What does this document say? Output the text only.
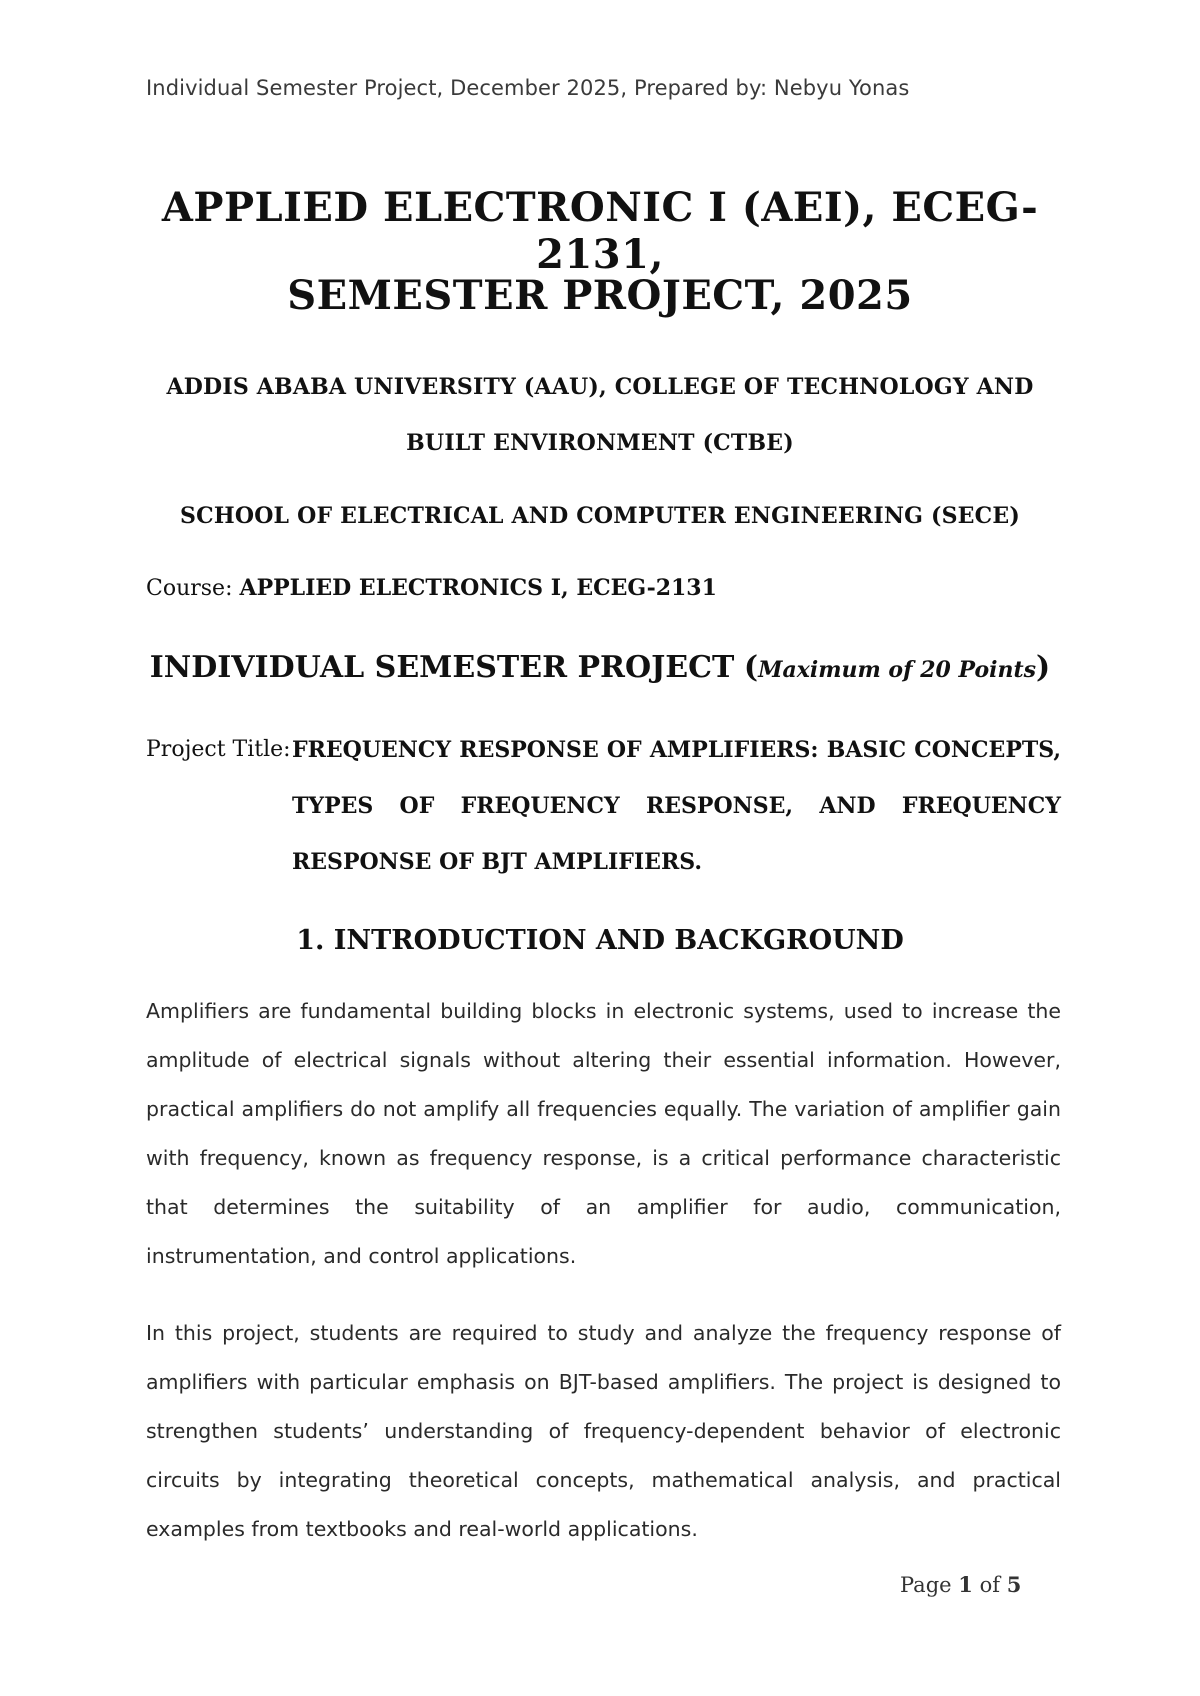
Individual Semester Project, December 2025, Prepared by: Nebyu Yonas
APPLIED ELECTRONIC I (AEI), ECEG-2131,
SEMESTER PROJECT, 2025
ADDIS ABABA UNIVERSITY (AAU), COLLEGE OF TECHNOLOGY AND
BUILT ENVIRONMENT (CTBE)
SCHOOL OF ELECTRICAL AND COMPUTER ENGINEERING (SECE)
Course: APPLIED ELECTRONICS I, ECEG-2131
INDIVIDUAL SEMESTER PROJECT (Maximum of 20 Points)
Project Title: FREQUENCY RESPONSE OF AMPLIFIERS: BASIC CONCEPTS,
TYPES OF FREQUENCY RESPONSE, AND FREQUENCY
RESPONSE OF BJT AMPLIFIERS.
1. INTRODUCTION AND BACKGROUND

Amplifiers are fundamental building blocks in electronic systems, used to increase the amplitude of electrical signals without altering their essential information. However, practical amplifiers do not amplify all frequencies equally. The variation of amplifier gain with frequency, known as frequency response, is a critical performance characteristic that determines the suitability of an amplifier for audio, communication, instrumentation, and control applications.

In this project, students are required to study and analyze the frequency response of amplifiers with particular emphasis on BJT-based amplifiers. The project is designed to strengthen students’ understanding of frequency-dependent behavior of electronic circuits by integrating theoretical concepts, mathematical analysis, and practical examples from textbooks and real-world applications.

Page 1 of 5
